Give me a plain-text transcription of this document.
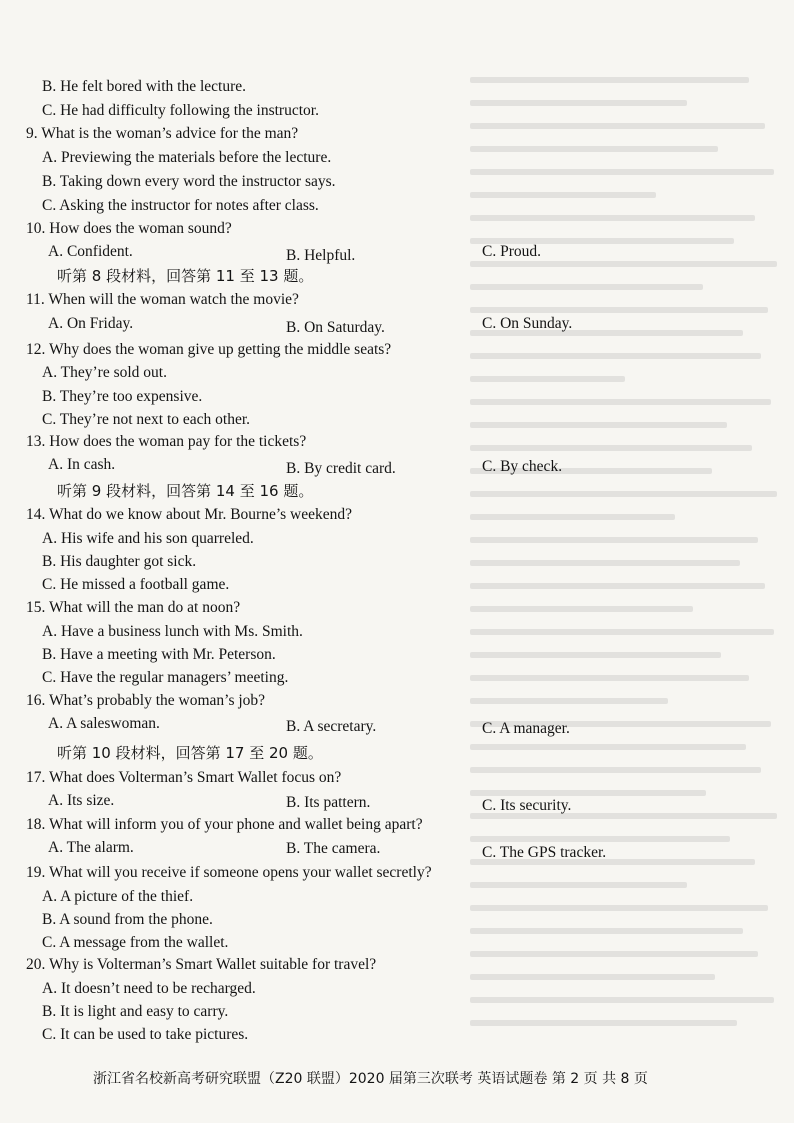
B. He felt bored with the lecture.
C. He had difficulty following the instructor.
9. What is the woman’s advice for the man?
A. Previewing the materials before the lecture.
B. Taking down every word the instructor says.
C. Asking the instructor for notes after class.
10. How does the woman sound?
A. Confident.	B. Helpful.	C. Proud.
听第 8 段材料，回答第 11 至 13 题。
11. When will the woman watch the movie?
A. On Friday.	B. On Saturday.	C. On Sunday.
12. Why does the woman give up getting the middle seats?
A. They’re sold out.
B. They’re too expensive.
C. They’re not next to each other.
13. How does the woman pay for the tickets?
A. In cash.	B. By credit card.	C. By check.
听第 9 段材料，回答第 14 至 16 题。
14. What do we know about Mr. Bourne’s weekend?
A. His wife and his son quarreled.
B. His daughter got sick.
C. He missed a football game.
15. What will the man do at noon?
A. Have a business lunch with Ms. Smith.
B. Have a meeting with Mr. Peterson.
C. Have the regular managers’ meeting.
16. What’s probably the woman’s job?
A. A saleswoman.	B. A secretary.	C. A manager.
听第 10 段材料，回答第 17 至 20 题。
17. What does Volterman’s Smart Wallet focus on?
A. Its size.	B. Its pattern.	C. Its security.
18. What will inform you of your phone and wallet being apart?
A. The alarm.	B. The camera.	C. The GPS tracker.
19. What will you receive if someone opens your wallet secretly?
A. A picture of the thief.
B. A sound from the phone.
C. A message from the wallet.
20. Why is Volterman’s Smart Wallet suitable for travel?
A. It doesn’t need to be recharged.
B. It is light and easy to carry.
C. It can be used to take pictures.
浙江省名校新高考研究联盟（Z20 联盟）2020 届第三次联考 英语试题卷 第 2 页 共 8 页
